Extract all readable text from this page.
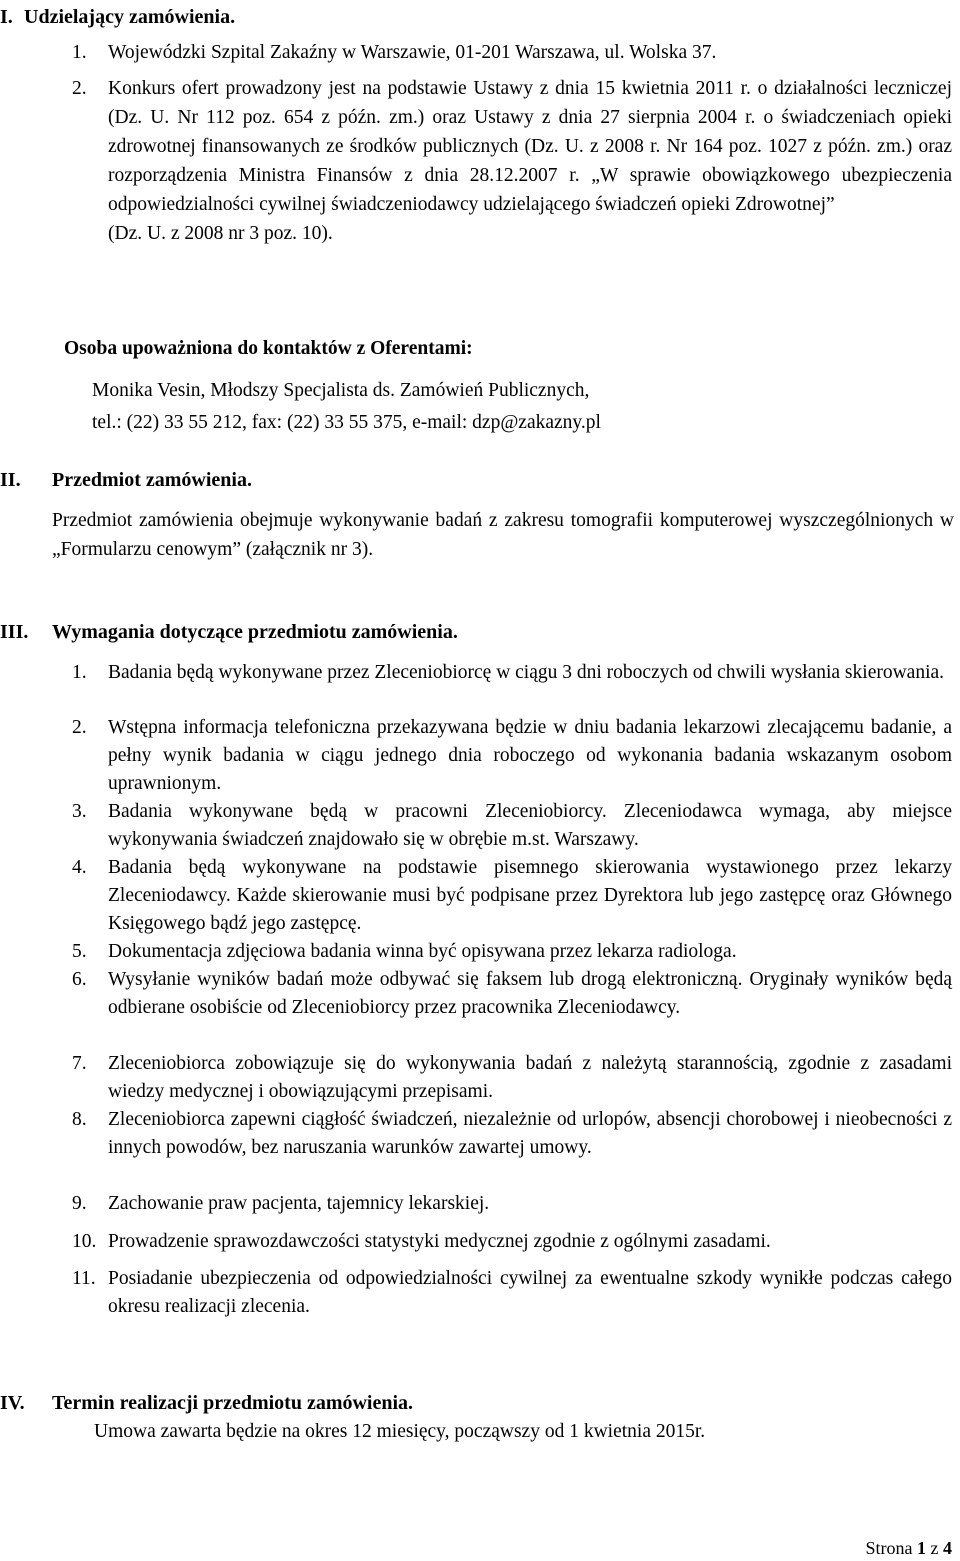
I. Udzielający zamówienia.
1. Wojewódzki Szpital Zakaźny w Warszawie, 01-201 Warszawa, ul. Wolska 37.
2. Konkurs ofert prowadzony jest na podstawie Ustawy z dnia 15 kwietnia 2011 r. o działalności leczniczej (Dz. U. Nr 112 poz. 654 z późn. zm.) oraz Ustawy z dnia 27 sierpnia 2004 r. o świadczeniach opieki zdrowotnej finansowanych ze środków publicznych (Dz. U. z 2008 r. Nr 164 poz. 1027 z późn. zm.) oraz rozporządzenia Ministra Finansów z dnia 28.12.2007 r. „W sprawie obowiązkowego ubezpieczenia odpowiedzialności cywilnej świadczeniodawcy udzielającego świadczeń opieki Zdrowotnej”
(Dz. U. z 2008 nr 3 poz. 10).
Osoba upoważniona do kontaktów z Oferentami:
Monika Vesin, Młodszy Specjalista ds. Zamówień Publicznych,
tel.: (22) 33 55 212, fax: (22) 33 55 375, e-mail: dzp@zakazny.pl
II. Przedmiot zamówienia.
Przedmiot zamówienia obejmuje wykonywanie badań z zakresu tomografii komputerowej wyszczególnionych w „Formularzu cenowym” (załącznik nr 3).
III. Wymagania dotyczące przedmiotu zamówienia.
1. Badania będą wykonywane przez Zleceniobiorcę w ciągu 3 dni roboczych od chwili wysłania skierowania.
2. Wstępna informacja telefoniczna przekazywana będzie w dniu badania lekarzowi zlecającemu badanie, a pełny wynik badania w ciągu jednego dnia roboczego od wykonania badania wskazanym osobom uprawnionym.
3. Badania wykonywane będą w pracowni Zleceniobiorcy. Zleceniodawca wymaga, aby miejsce wykonywania świadczeń znajdowało się w obrębie m.st. Warszawy.
4. Badania będą wykonywane na podstawie pisemnego skierowania wystawionego przez lekarzy Zleceniodawcy. Każde skierowanie musi być podpisane przez Dyrektora lub jego zastępcę oraz Głównego Księgowego bądź jego zastępcę.
5. Dokumentacja zdjęciowa badania winna być opisywana przez lekarza radiologa.
6. Wysyłanie wyników badań może odbywać się faksem lub drogą elektroniczną. Oryginały wyników będą odbierane osobiście od Zleceniobiorcy przez pracownika Zleceniodawcy.
7. Zleceniobiorca zobowiązuje się do wykonywania badań z należytą starannością, zgodnie z zasadami wiedzy medycznej i obowiązującymi przepisami.
8. Zleceniobiorca zapewni ciągłość świadczeń, niezależnie od urlopów, absencji chorobowej i nieobecności z innych powodów, bez naruszania warunków zawartej umowy.
9. Zachowanie praw pacjenta, tajemnicy lekarskiej.
10. Prowadzenie sprawozdawczości statystyki medycznej zgodnie z ogólnymi zasadami.
11. Posiadanie ubezpieczenia od odpowiedzialności cywilnej za ewentualne szkody wynikłe podczas całego okresu realizacji zlecenia.
IV. Termin realizacji przedmiotu zamówienia.
Umowa zawarta będzie na okres 12 miesięcy, począwszy od 1 kwietnia 2015r.
Strona 1 z 4
